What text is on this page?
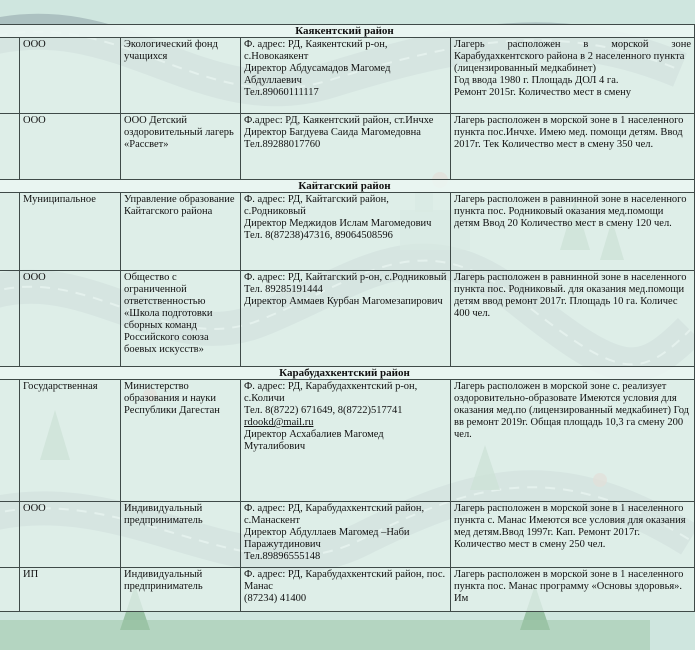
Каякентский район				

	ООО	Экологический фонд учащихся	Ф. адрес: РД, Каякентский р-он, с.Новокаякент
Директор Абдусамадов Магомед Абдуллаевич
Тел.89060111117	Лагерь расположен в морской зоне Карабудахкентского района в 2 населенного пункта
(лицензированный медкабинет)
Год ввода 1980 г. Площадь ДОЛ 4 га.
Ремонт 2015г. Количество мест в смену

	ООО	ООО Детский оздоровительный лагерь «Рассвет»	Ф.адрес: РД, Каякентский район, ст.Инчхе
Директор Багдуева Саида Магомедовна
Тел.89288017760	Лагерь расположен в морской зоне в 1 населенного пункта пос.Инчхе. Имею мед. помощи детям. Ввод 2017г. Тек Количество мест в смену 350 чел.
Кайтагский район				

	Муниципальное	Управление образование Кайтагского района	Ф. адрес: РД, Кайтагский район, с.Родниковый
Директор Меджидов Ислам Магомедович
Тел. 8(87238)47316, 89064508596	Лагерь расположен в равнинной зоне в населенного пункта пос. Родниковый оказания мед.помощи детям Ввод 20 Количество мест в смену 120 чел.

	ООО	Общество с ограниченной ответственностью «Школа подготовки сборных команд Российского союза боевых искусств»	Ф. адрес: РД, Кайтагский р-он, с.Родниковый
Тел. 89285191444
Директор Аммаев Курбан Магомезапирович	Лагерь расположен в равнинной зоне в населенного пункта пос. Родниковый. для оказания мед.помощи детям ввод ремонт 2017г. Площадь 10 га. Количес 400 чел.
Карабудахкентский район				

	Государственная	Министерство образования и науки Республики Дагестан	Ф. адрес: РД, Карабудахкентский р-он, с.Количи
Тел. 8(8722) 671649, 8(8722)517741
rdookd@mail.ru
Директор Асхабалиев Магомед Муталибович	Лагерь расположен в морской зоне с. реализует оздоровительно-образовате Имеются условия для оказания мед.по (лицензированный медкабинет) Год вв ремонт 2019г. Общая площадь 10,3 га смену 200 чел.

	ООО	Индивидуальный предприниматель	Ф. адрес: РД, Карабудахкентский район, с.Манаскент
Директор Абдуллаев Магомед –Наби Паражутдинович
Тел.89896555148	Лагерь расположен в морской зоне в 1 населенного пункта с. Манас Имеются все условия для оказания мед детям.Ввод 1997г. Кап. Ремонт 2017г. Количество мест в смену 250 чел.

	ИП	Индивидуальный предприниматель	Ф. адрес: РД, Карабудахкентский район, пос. Манас
(87234) 41400	Лагерь расположен в морской зоне в 1 населенного пункта пос. Манас программу «Основы здоровья». Им
